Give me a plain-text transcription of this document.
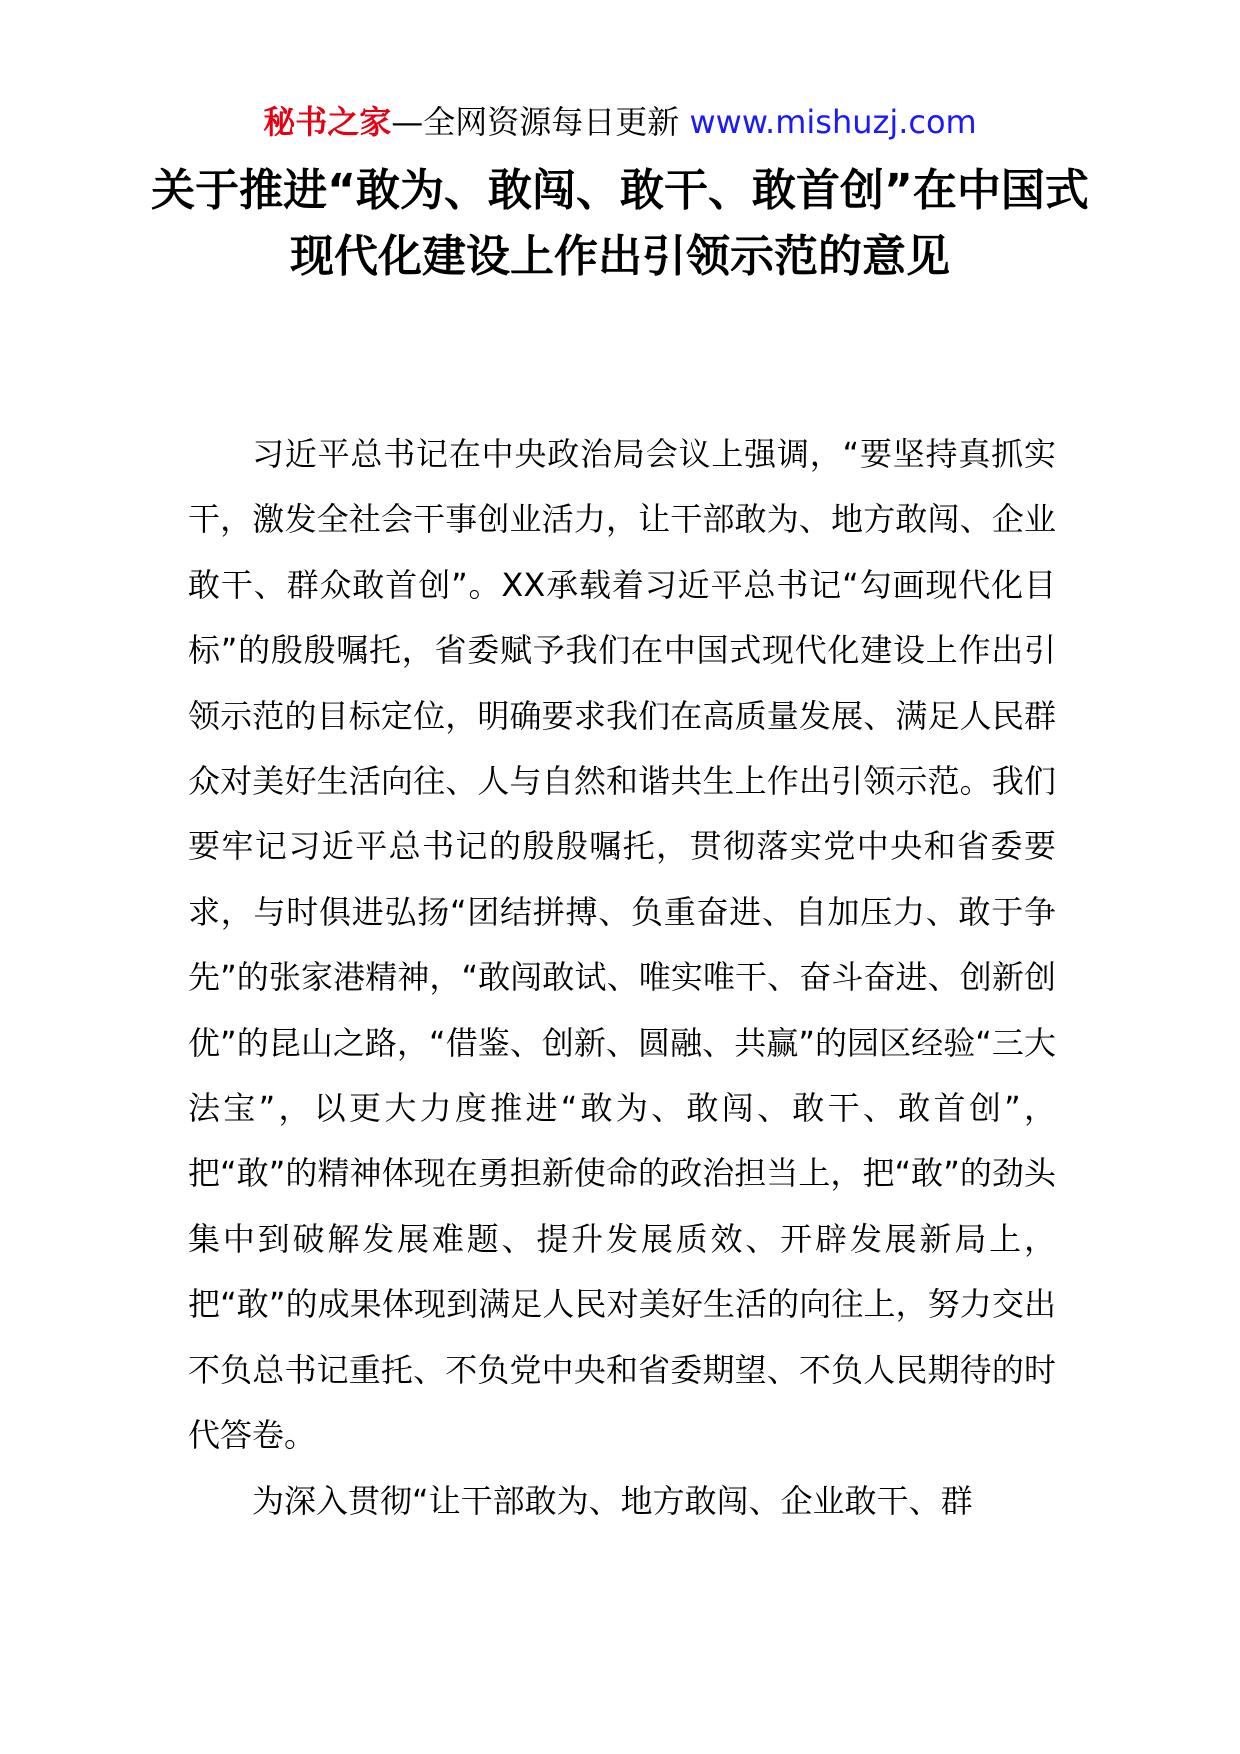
秘书之家—全网资源每日更新 www.mishuzj.com
关于推进“敢为、敢闯、敢干、敢首创”在中国式现代化建设上作出引领示范的意见

习近平总书记在中央政治局会议上强调，“要坚持真抓实干，激发全社会干事创业活力，让干部敢为、地方敢闯、企业敢干、群众敢首创”。XX承载着习近平总书记“勾画现代化目标”的殷殷嘱托，省委赋予我们在中国式现代化建设上作出引领示范的目标定位，明确要求我们在高质量发展、满足人民群众对美好生活向往、人与自然和谐共生上作出引领示范。我们要牢记习近平总书记的殷殷嘱托，贯彻落实党中央和省委要求，与时俱进弘扬“团结拼搏、负重奋进、自加压力、敢于争先”的张家港精神，“敢闯敢试、唯实唯干、奋斗奋进、创新创优”的昆山之路，“借鉴、创新、圆融、共赢”的园区经验“三大法宝”，以更大力度推进“敢为、敢闯、敢干、敢首创”，把“敢”的精神体现在勇担新使命的政治担当上，把“敢”的劲头集中到破解发展难题、提升发展质效、开辟发展新局上，把“敢”的成果体现到满足人民对美好生活的向往上，努力交出不负总书记重托、不负党中央和省委期望、不负人民期待的时代答卷。

为深入贯彻“让干部敢为、地方敢闯、企业敢干、群
